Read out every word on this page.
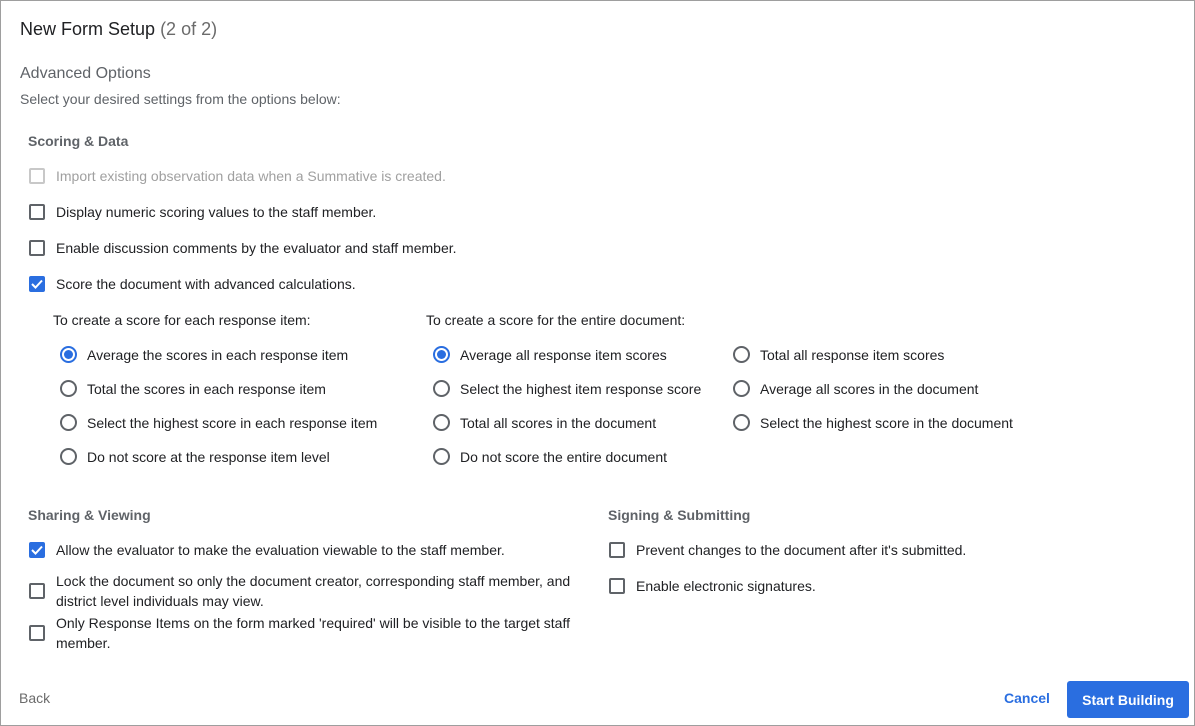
New Form Setup (2 of 2)
Advanced Options
Select your desired settings from the options below:
Scoring & Data
Import existing observation data when a Summative is created.
Display numeric scoring values to the staff member.
Enable discussion comments by the evaluator and staff member.
Score the document with advanced calculations.
To create a score for each response item:
Average the scores in each response item
Total the scores in each response item
Select the highest score in each response item
Do not score at the response item level
To create a score for the entire document:
Average all response item scores
Select the highest item response score
Total all scores in the document
Do not score the entire document
Total all response item scores
Average all scores in the document
Select the highest score in the document
Sharing & Viewing
Allow the evaluator to make the evaluation viewable to the staff member.
Lock the document so only the document creator, corresponding staff member, and district level individuals may view.
Only Response Items on the form marked 'required' will be visible to the target staff member.
Signing & Submitting
Prevent changes to the document after it's submitted.
Enable electronic signatures.
Back	Cancel	Start Building
